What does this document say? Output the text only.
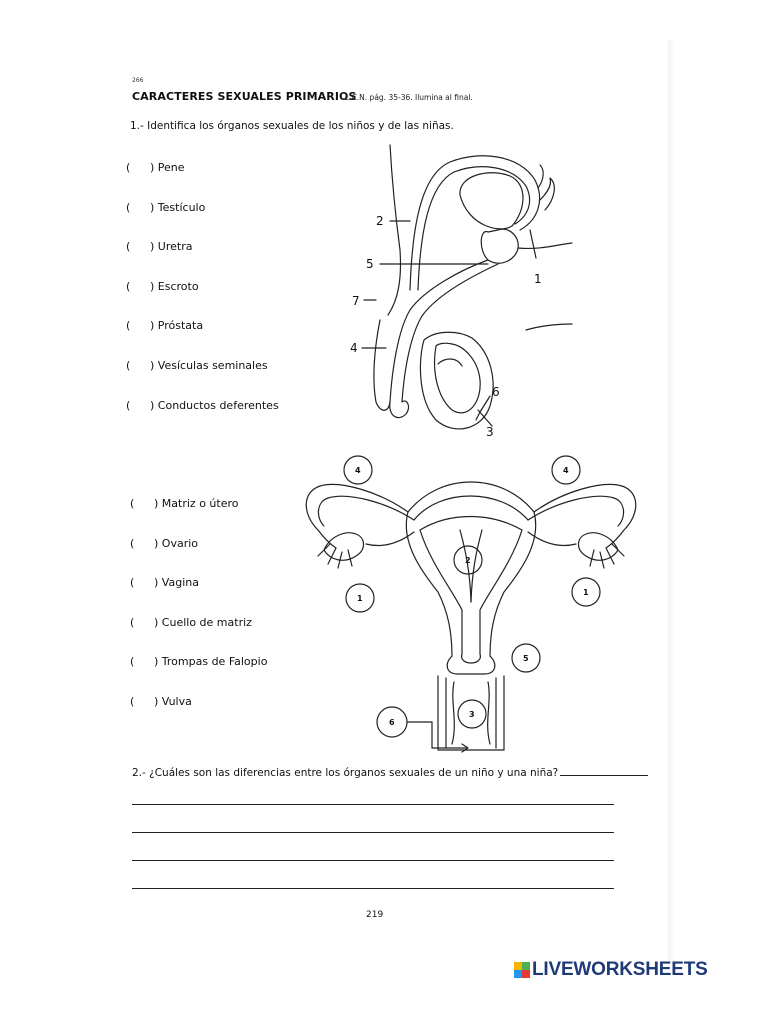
266
CARACTERES SEXUALES PRIMARIOS
L.C.N. pág. 35-36. Ilumina al final.
1.- Identifica los órganos sexuales de los niños y de las niñas.
( ) Pene
( ) Testículo
( ) Uretra
( ) Escroto
( ) Próstata
( ) Vesículas seminales
( ) Conductos deferentes
2
5
7
4
1
6
3
( ) Matriz o útero
( ) Ovario
( ) Vagina
( ) Cuello de matriz
( ) Trompas de Falopio
( ) Vulva
4	4
1
1
2
5
3
6
2.- ¿Cuáles son las diferencias entre los órganos sexuales de un niño y una niña?
219
LIVEWORKSHEETS
